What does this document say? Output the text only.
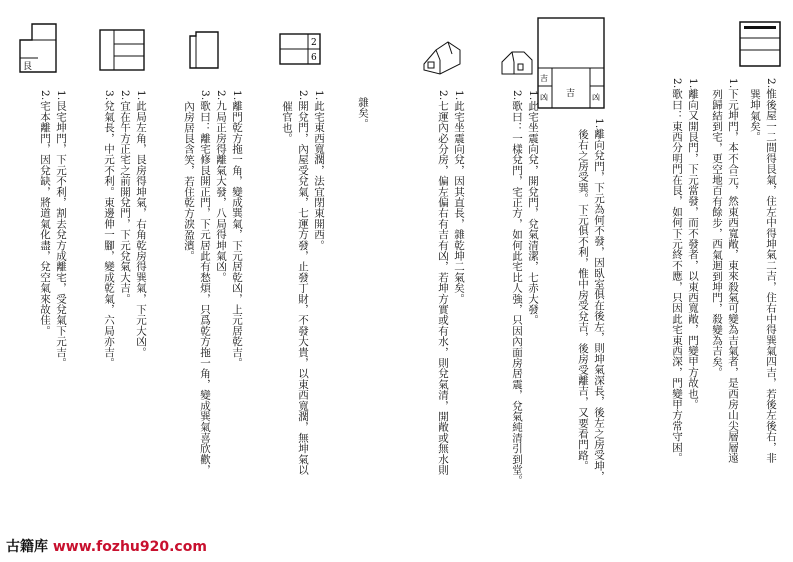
吉
凶 吉 凶
2
6
艮
2.惟後屋一二間得艮氣，住左中得坤氣二吉，住右中得巽氣四吉，若後左後右，非
　巽坤氣矣。
1.下元坤門，本不合元，然東西寬敞，東來殺氣可變為吉氣者，是西房山尖層層遠
　列歸結到宅，更空地百有餘步，西氣迴到坤門，殺變為吉矣。
1.離向又開艮門，下元當發，而不發者，以東西寬敞，門變甲方故也。
2.歌曰：東西分明門在艮，如何下元終不應，只因此宅東西深，門變甲方常守困。
1.離向兌門，下元為何不發，因臥室俱在後左，則坤氣深長，後左之房受坤，
　後右之房受巽。下元俱不利，惟中房受兌吉，後房受離吉，又要看門路。
1.此宅坐震向兌，開兌門，兌氣清潔，七赤大發。
2.歌曰：一樣兌門，宅正方，如何此宅比人強，只因內面房居震，兌氣純清引到堂。
1.此宅坐震向兌，因其直長，雜乾坤二氣矣。
2.七運內必分房，偏左偏右有吉有凶，若坤方實或有水，則兌氣清，開敞或無水則
　雜矣。
1.此宅東西寬濶，法宜閉東開西。
2.開兌門，內屋受兌氣，七運方發，止發丁財，不發大貴，以東西寬濶，無坤氣以
　催官也。
1.離門乾方拖一角，變成巽氣，下元居乾凶，上元居乾吉。
2.九局正房得離氣大發，八局得坤氣凶。
3.歌曰：離宅修艮開正門，下元居此有愁煩，只爲乾方拖一角，變成巽氣喜欣歡，
　內房居艮含笑，若住乾方淚盈濱。
1.此局左角，艮房得坤氣，右角乾房得巽氣，下元大凶。
2.宜在午方正宅之前開兌門，下元兌氣大吉。
3.兌氣長，中元不利。東邊伸一腳，變成乾氣，六局亦吉。
1.艮宅坤門，下元不利，割去兌方成離宅，受兌氣下元吉。
2.宅本離門，因兌缺，將道氣化盡，兌空氣來故佳。
古籍库 www.fozhu920.com
